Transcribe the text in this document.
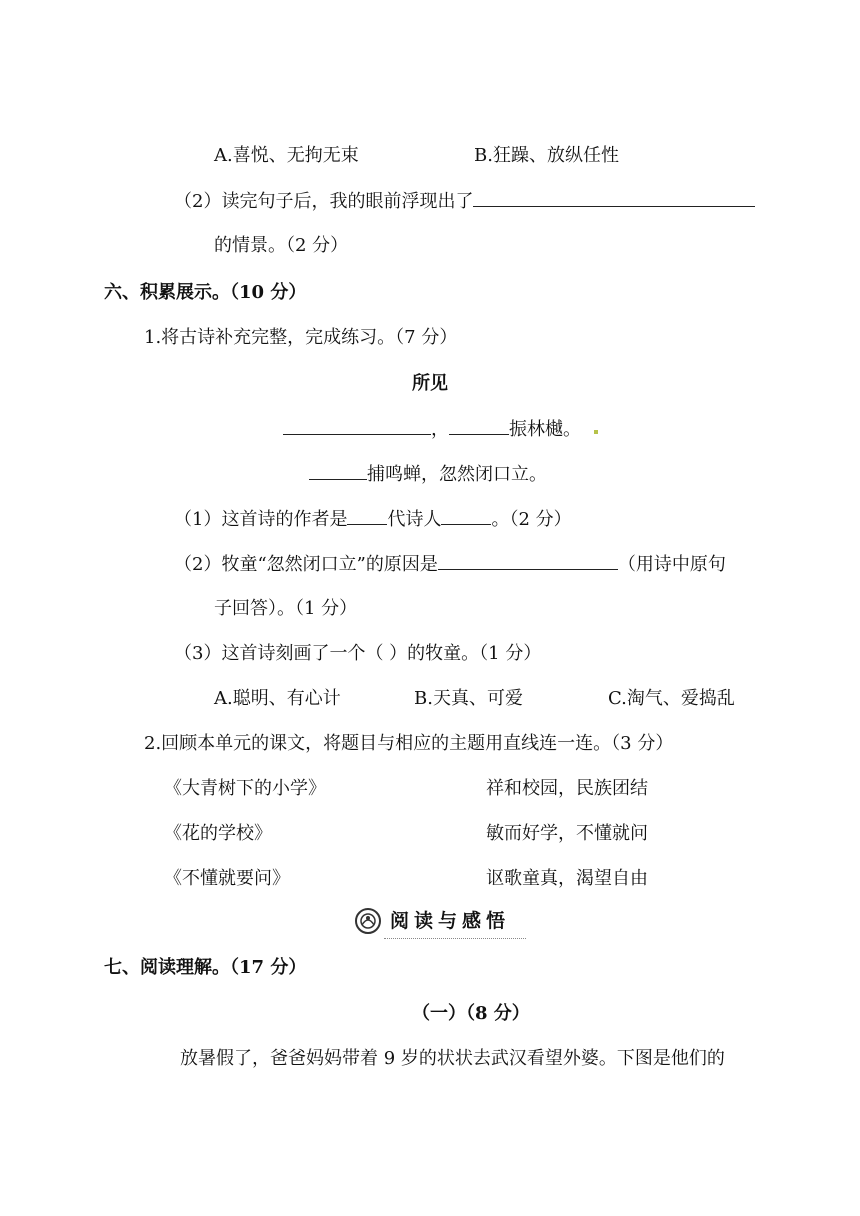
A.喜悦、无拘无束	B.狂躁、放纵任性
（2）读完句子后，我的眼前浮现出了
的情景。（2 分）
六、积累展示。（10 分）
1.将古诗补充完整，完成练习。（7 分）
所见
，	振林樾。
捕鸣蝉，忽然闭口立。
（1）这首诗的作者是 代诗人	。（2 分）
（2）牧童“忽然闭口立”的原因是	（用诗中原句
子回答）。（1 分）
（3）这首诗刻画了一个（ ）的牧童。（1 分）
A.聪明、有心计	B.天真、可爱	C.淘气、爱捣乱
2.回顾本单元的课文，将题目与相应的主题用直线连一连。（3 分）
《大青树下的小学》	祥和校园，民族团结
《花的学校》	敏而好学，不懂就问
《不懂就要问》	讴歌童真，渴望自由
阅读与感悟
七、阅读理解。（17 分）
（一）（8 分）
放暑假了，爸爸妈妈带着 9 岁的状状去武汉看望外婆。下图是他们的
